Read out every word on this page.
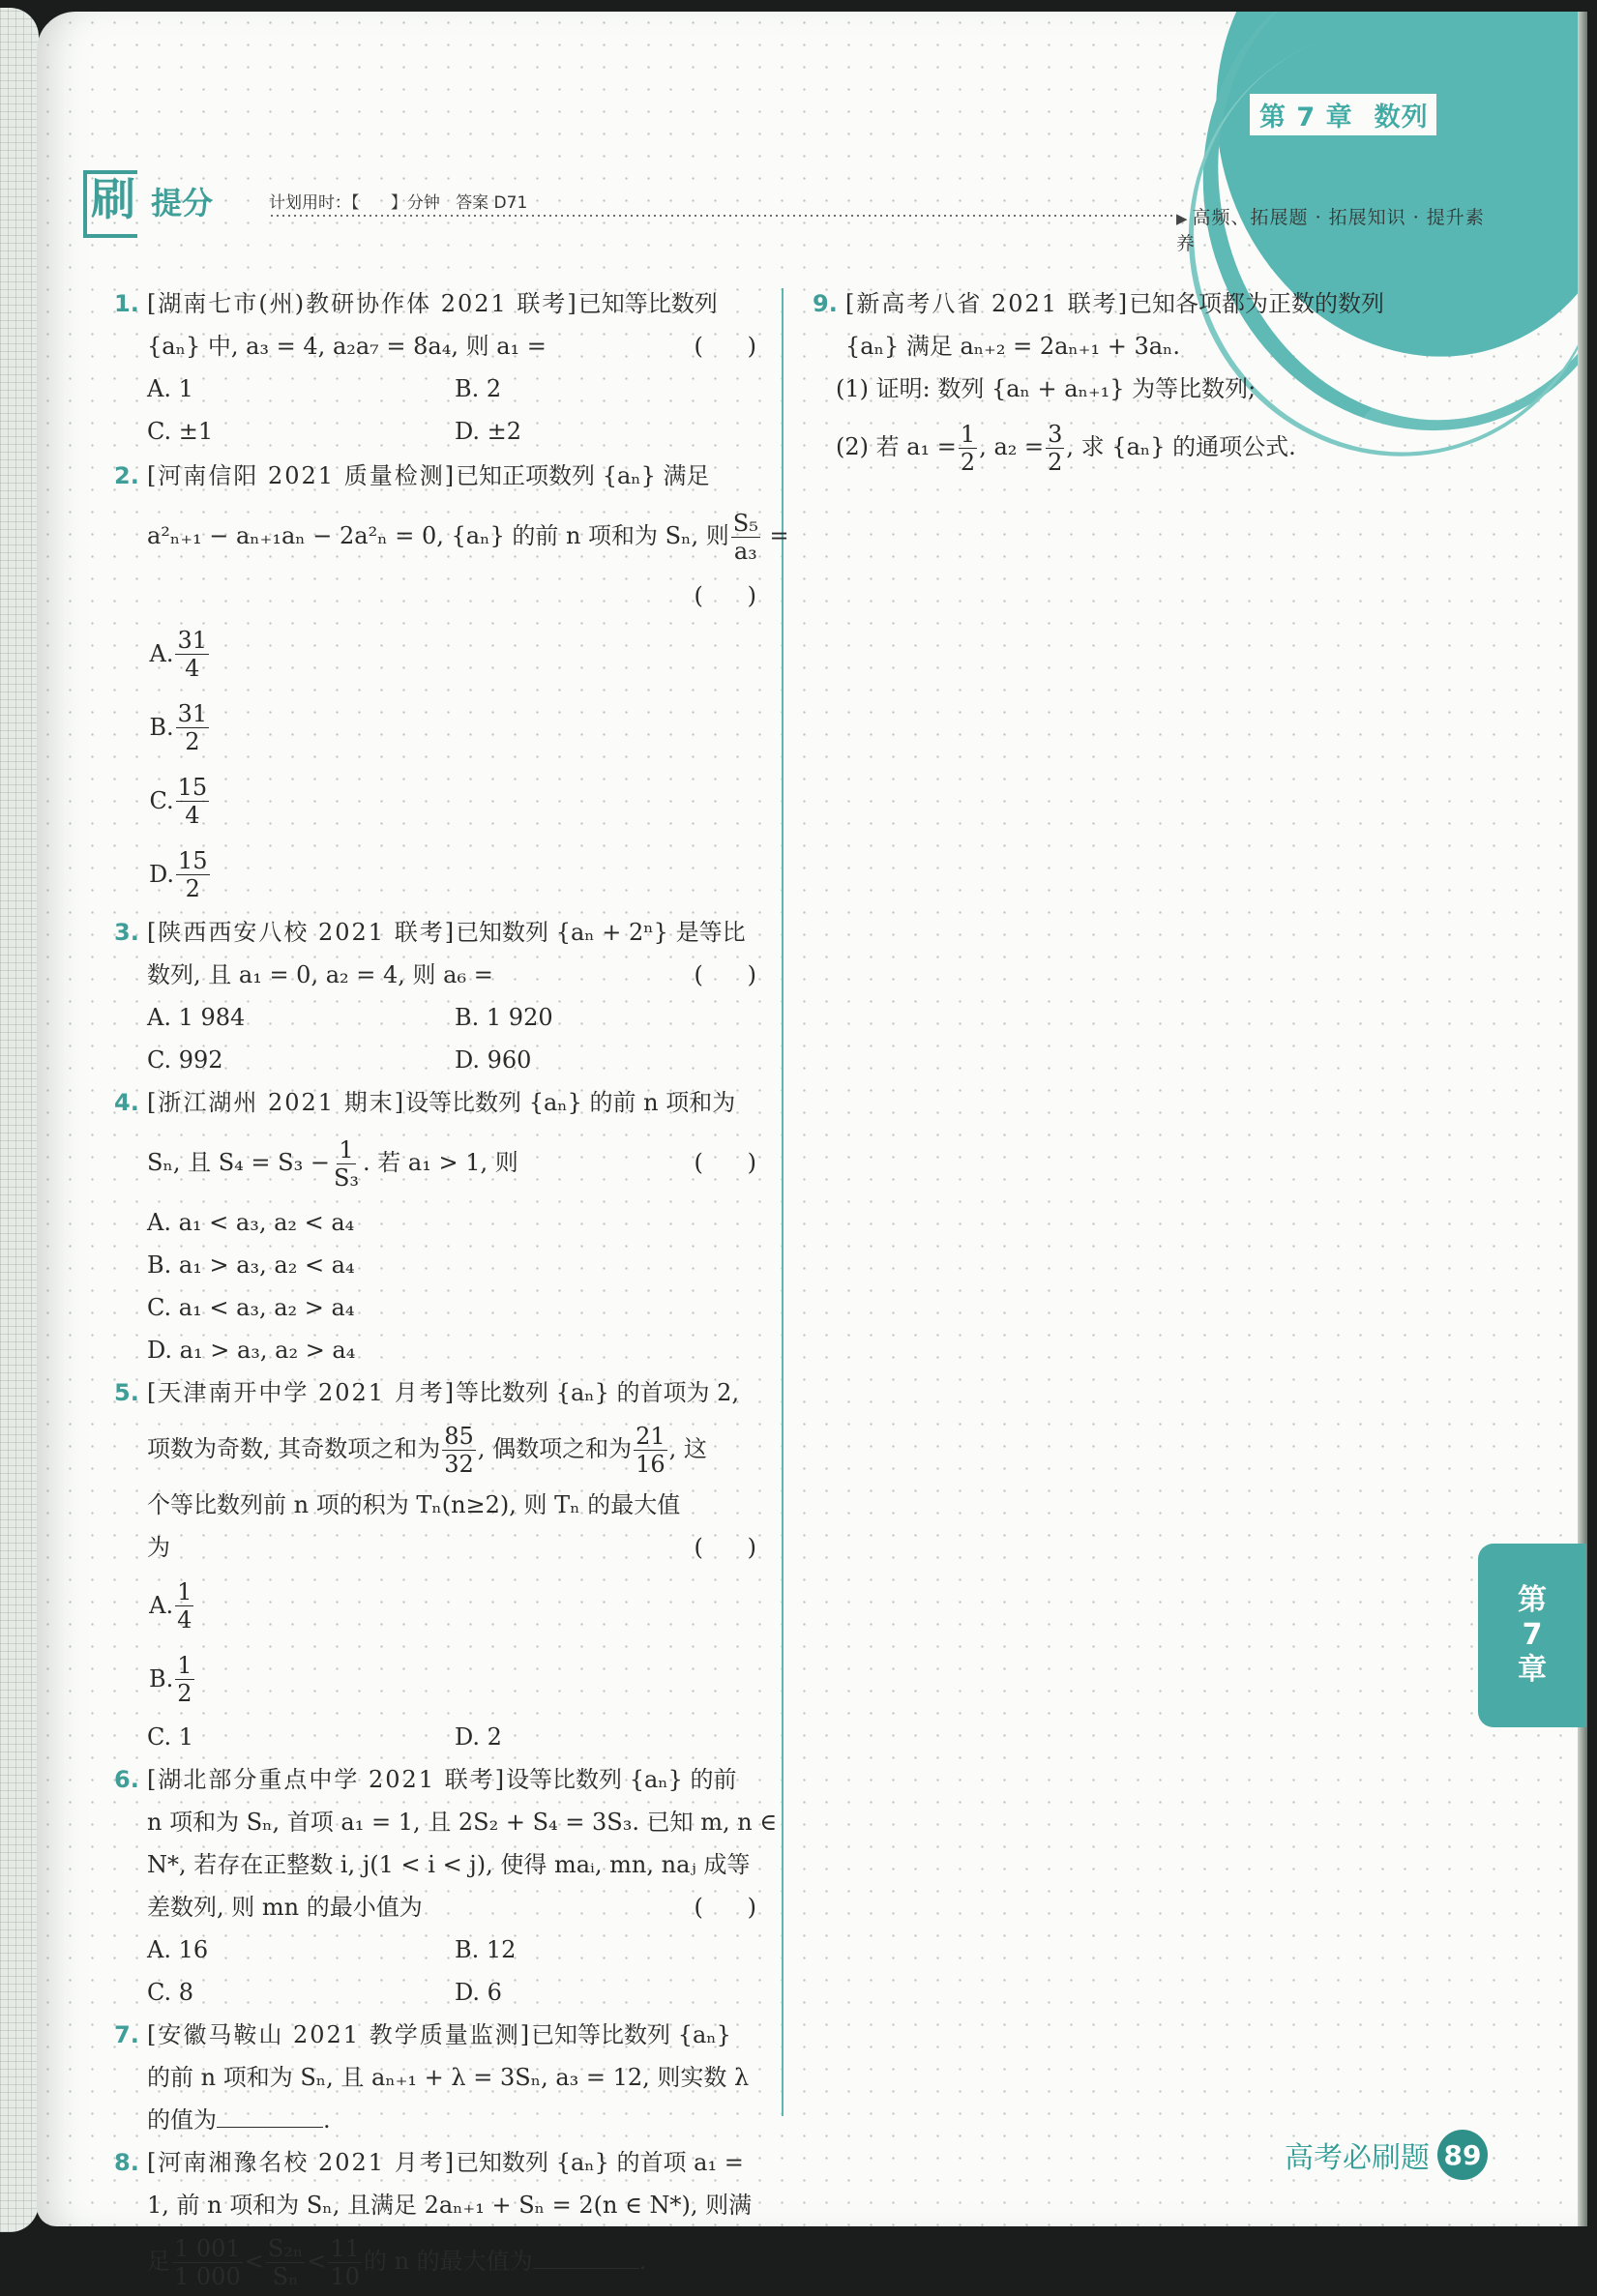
第 7 章 数列
刷 提分	计划用时：【      】分钟   答案 D71
▶ 高频、拓展题 · 拓展知识 · 提升素养
1. [湖南七市(州)教研协作体 2021 联考]已知等比数列
{aₙ} 中, a₃ = 4, a₂a₇ = 8a₄, 则 a₁ =	(      )
A. 1	B. 2
C. ±1	D. ±2
2. [河南信阳 2021 质量检测]已知正项数列 {aₙ} 满足
a²ₙ₊₁ − aₙ₊₁aₙ − 2a²ₙ = 0, {aₙ} 的前 n 项和为 Sₙ, 则 $\frac{\text{S₅}}{\text{a₃}}$ =
(      )

A. $\frac{31}{4}$
B. $\frac{31}{2}$
C. $\frac{15}{4}$
D. $\frac{15}{2}$
3. [陕西西安八校 2021 联考]已知数列 {aₙ + 2ⁿ} 是等比
数列, 且 a₁ = 0, a₂ = 4, 则 a₆ =	(      )
A. 1 984	B. 1 920
C. 992	D. 960
4. [浙江湖州 2021 期末]设等比数列 {aₙ} 的前 n 项和为
Sₙ, 且 $S_4 = S_3 - \frac{1}{\text{S₃}}$ . 若 a₁ > 1, 则	(      )
A. a₁ < a₃, a₂ < a₄
B. a₁ > a₃, a₂ < a₄
C. a₁ < a₃, a₂ > a₄
D. a₁ > a₃, a₂ > a₄
5. [天津南开中学 2021 月考]等比数列 {aₙ} 的首项为 2,
项数为奇数, 其奇数项之和为 $\frac{85}{32}$ , 偶数项之和为 $\frac{21}{16}$ , 这
个等比数列前 n 项的积为 Tₙ(n≥2), 则 Tₙ 的最大值
为	(      )
A. $\frac{1}{4}$
B. $\frac{1}{2}$
C. 1	D. 2
6. [湖北部分重点中学 2021 联考]设等比数列 {aₙ} 的前
n 项和为 Sₙ, 首项 a₁ = 1, 且 2S₂ + S₄ = 3S₃. 已知 m, n ∈
N*, 若存在正整数 i, j(1 < i < j), 使得 maᵢ, mn, naⱼ 成等
差数列, 则 mn 的最小值为	(      )
A. 16	B. 12
C. 8	D. 6
7. [安徽马鞍山 2021 教学质量监测]已知等比数列 {aₙ}
的前 n 项和为 Sₙ, 且 aₙ₊₁ + λ = 3Sₙ, a₃ = 12, 则实数 λ
的值为	.
8. [河南湘豫名校 2021 月考]已知数列 {aₙ} 的首项 a₁ =
1, 前 n 项和为 Sₙ, 且满足 2aₙ₊₁ + Sₙ = 2(n ∈ N*), 则满
足 $\frac{1 001}{1 000} < \frac{\text{S₂ₙ}}{\text{Sₙ}} < \frac{11}{10}$ 的 n 的最大值为	.
9. [新高考八省 2021 联考]已知各项都为正数的数列
{aₙ} 满足 aₙ₊₂ = 2aₙ₊₁ + 3aₙ.
(1) 证明: 数列 {aₙ + aₙ₊₁} 为等比数列;
(2) 若 $a_1 = \frac{1}{2}$ , $a_2 = \frac{3}{2}$ , 求 {aₙ} 的通项公式.
第
7
章
高考必刷题 89
